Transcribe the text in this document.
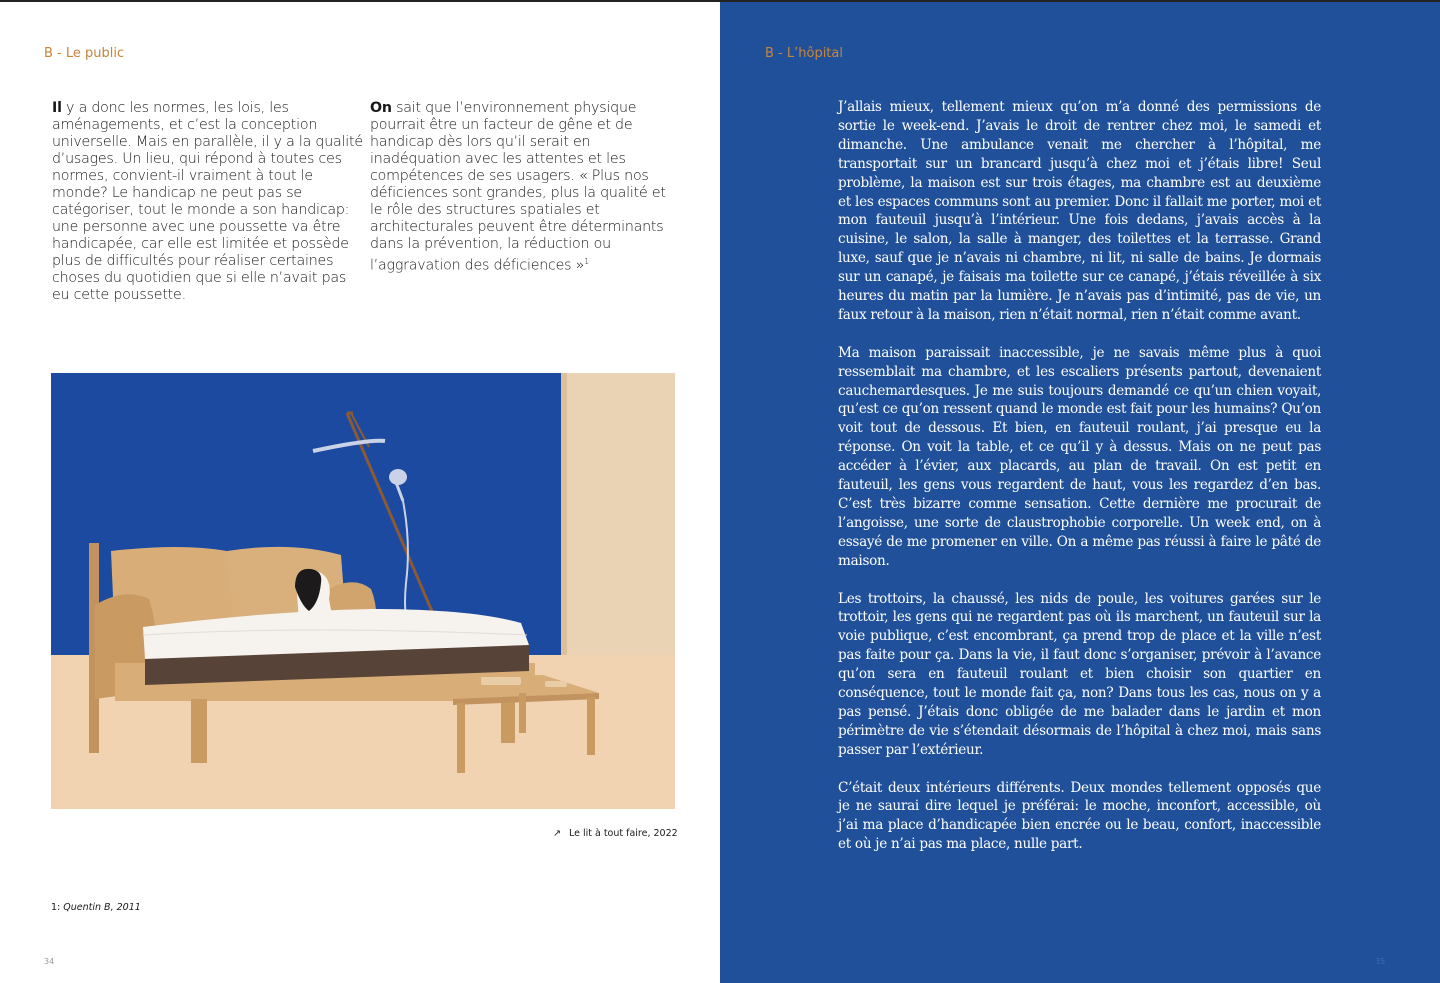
B - Le public
Il y a donc les normes, les lois, les aménagements, et c’est la conception universelle. Mais en parallèle, il y a la qualité d’usages. Un lieu, qui répond à toutes ces normes, convient-il vraiment à tout le monde? Le handicap ne peut pas se catégoriser, tout le monde a son handicap: une personne avec une poussette va être handicapée, car elle est limitée et possède plus de difficultés pour réaliser certaines choses du quotidien que si elle n’avait pas eu cette poussette.
On sait que l’environnement physique pourrait être un facteur de gêne et de handicap dès lors qu’il serait en inadéquation avec les attentes et les compétences de ses usagers. « Plus nos déficiences sont grandes, plus la qualité et le rôle des structures spatiales et architecturales peuvent être déterminants dans la prévention, la réduction ou l’aggravation des déficiences »$^1$
↗ Le lit à tout faire, 2022
1: Quentin B, 2011
34
B - L’hôpital

J’allais mieux, tellement mieux qu’on m’a donné des permissions de sortie le week-end. J’avais le droit de rentrer chez moi, le samedi et dimanche. Une ambulance venait me chercher à l’hôpital, me transportait sur un brancard jusqu’à chez moi et j’étais libre! Seul problème, la maison est sur trois étages, ma chambre est au deuxième et les espaces communs sont au premier. Donc il fallait me porter, moi et mon fauteuil jusqu’à l’intérieur. Une fois dedans, j’avais accès à la cuisine, le salon, la salle à manger, des toilettes et la terrasse. Grand luxe, sauf que je n’avais ni chambre, ni lit, ni salle de bains. Je dormais sur un canapé, je faisais ma toilette sur ce canapé, j’étais réveillée à six heures du matin par la lumière. Je n’avais pas d’intimité, pas de vie, un faux retour à la maison, rien n’était normal, rien n’était comme avant.

Ma maison paraissait inaccessible, je ne savais même plus à quoi ressemblait ma chambre, et les escaliers présents partout, devenaient cauchemardesques. Je me suis toujours demandé ce qu’un chien voyait, qu’est ce qu’on ressent quand le monde est fait pour les humains? Qu’on voit tout de dessous. Et bien, en fauteuil roulant, j’ai presque eu la réponse. On voit la table, et ce qu’il y à dessus. Mais on ne peut pas accéder à l’évier, aux placards, au plan de travail. On est petit en fauteuil, les gens vous regardent de haut, vous les regardez d’en bas. C’est très bizarre comme sensation. Cette dernière me procurait de l’angoisse, une sorte de claustrophobie corporelle. Un week end, on à essayé de me promener en ville. On a même pas réussi à faire le pâté de maison.

Les trottoirs, la chaussé, les nids de poule, les voitures garées sur le trottoir, les gens qui ne regardent pas où ils marchent, un fauteuil sur la voie publique, c’est encombrant, ça prend trop de place et la ville n’est pas faite pour ça. Dans la vie, il faut donc s’organiser, prévoir à l’avance qu’on sera en fauteuil roulant et bien choisir son quartier en conséquence, tout le monde fait ça, non? Dans tous les cas, nous on y a pas pensé. J’étais donc obligée de me balader dans le jardin et mon périmètre de vie s’étendait désormais de l’hôpital à chez moi, mais sans passer par l’extérieur.

C’était deux intérieurs différents. Deux mondes tellement opposés que je ne saurai dire lequel je préférai: le moche, inconfort, accessible, où j’ai ma place d’handicapée bien encrée ou le beau, confort, inaccessible et où je n’ai pas ma place, nulle part.

35
